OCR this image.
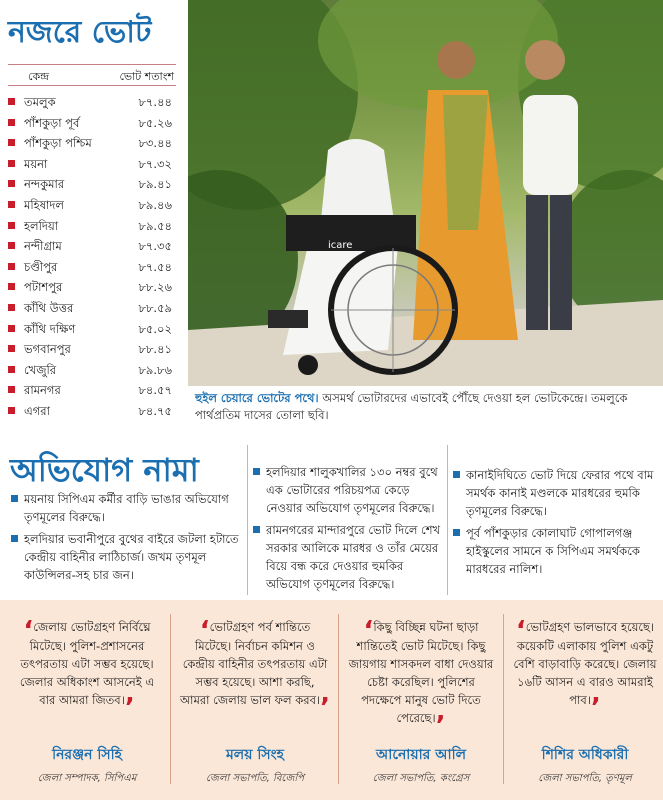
নজরে ভোট
কেন্দ্র	ভোট শতাংশ
তমলুক	৮৭.৪৪
পাঁশকুড়া পূর্ব	৮৫.২৬
পাঁশকুড়া পশ্চিম	৮৩.৪৪
ময়না	৮৭.৩২
নন্দকুমার	৮৯.৪১
মহিষাদল	৮৯.৪৬
হলদিয়া	৮৯.৫৪
নন্দীগ্রাম	৮৭.৩৫
চণ্ডীপুর	৮৭.৫৪
পটাশপুর	৮৮.২৬
কাঁথি উত্তর	৮৮.৫৯
কাঁথি দক্ষিণ	৮৫.০২
ভগবানপুর	৮৮.৪১
খেজুরি	৮৯.৮৬
রামনগর	৮৪.৫৭
এগরা	৮৪.৭৫
icare
হুইল চেয়ারে ভোটের পথে। অসমর্থ ভোটারদের এভাবেই পৌঁছে দেওয়া হল ভোটকেন্দ্রে। তমলুকে পার্থপ্রতিম দাসের তোলা ছবি।
অভিযোগ নামা
ময়নায় সিপিএম কর্মীর বাড়ি ভাঙার অভিযোগ তৃণমূলের বিরুদ্ধে।
হলদিয়ার ভবানীপুরে বুথের বাইরে জটলা হটাতে কেন্দ্রীয় বাহিনীর লাঠিচার্জ। জখম তৃণমূল কাউন্সিলর-সহ চার জন।
হলদিয়ার শালুকখালির ১৩০ নম্বর বুথে এক ভোটারের পরিচয়পত্র কেড়ে নেওয়ার অভিযোগ তৃণমূলের বিরুদ্ধে।
রামনগরের মান্দারপুরে ভোট দিলে শেখ সরকার আলিকে মারধর ও তাঁর মেয়ের বিয়ে বন্ধ করে দেওয়ার হুমকির অভিযোগ তৃণমূলের বিরুদ্ধে।
কানাইদিঘিতে ভোট দিয়ে ফেরার পথে বাম সমর্থক কানাই মণ্ডলকে মারধরের হুমকি তৃণমূলের বিরুদ্ধে।
পূর্ব পাঁশকুড়ার কোলাঘাট গোপালগঞ্জ হাইস্কুলের সামনে ক সিপিএম সমর্থককে মারধরের নালিশ।
‘জেলায় ভোটগ্রহণ নির্বিঘ্নে মিটেছে। পুলিশ-প্রশাসনের তৎপরতায় এটা সম্ভব হয়েছে। জেলার অধিকাংশ আসনেই এ বার আমরা জিতব।’
নিরঞ্জন সিহি
জেলা সম্পাদক, সিপিএম
‘ভোটগ্রহণ পর্ব শান্তিতে মিটেছে। নির্বাচন কমিশন ও কেন্দ্রীয় বাহিনীর তৎপরতায় এটা সম্ভব হয়েছে। আশা করছি, আমরা জেলায় ভাল ফল করব।’
মলয় সিংহ
জেলা সভাপতি, বিজেপি
‘কিছু বিচ্ছিন্ন ঘটনা ছাড়া শান্তিতেই ভোট মিটেছে। কিছু জায়গায় শাসকদল বাধা দেওয়ার চেষ্টা করেছিল। পুলিশের পদক্ষেপে মানুষ ভোট দিতে পেরেছে।’
আনোয়ার আলি
জেলা সভাপতি, কংগ্রেস
‘ভোটগ্রহণ ভালভাবে হয়েছে। কয়েকটি এলাকায় পুলিশ একটু বেশি বাড়াবাড়ি করেছে। জেলায় ১৬টি আসন এ বারও আমরাই পাব।’
শিশির অধিকারী
জেলা সভাপতি, তৃণমূল
